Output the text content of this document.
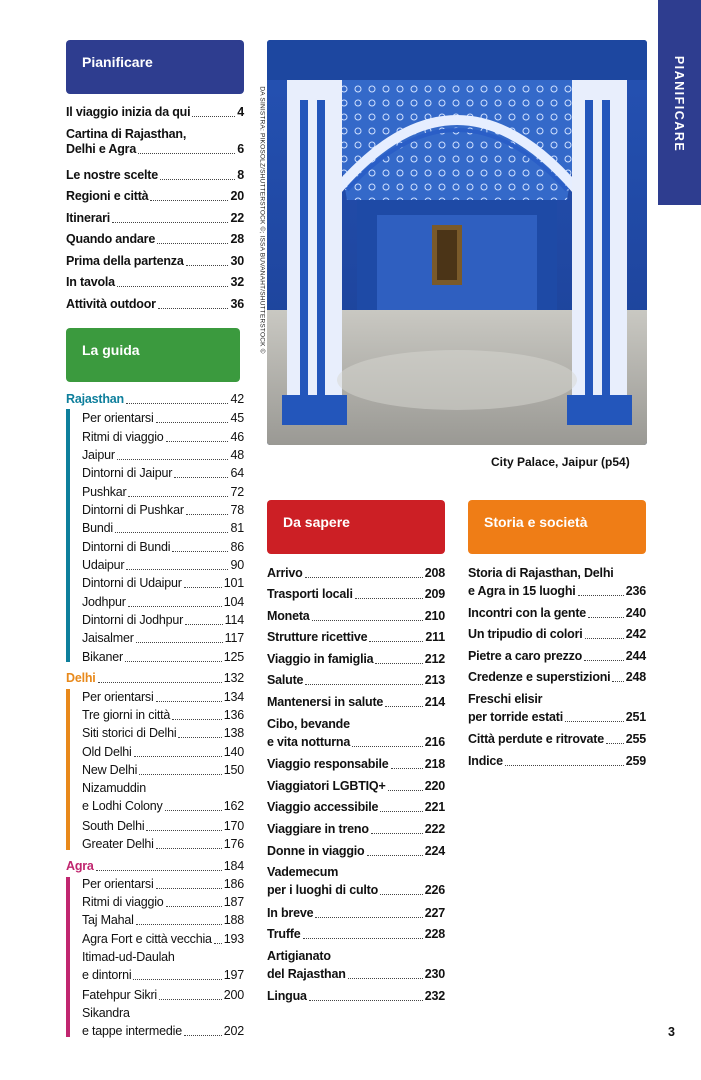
PIANIFICARE
Pianificare
La guida
Da sapere	Storia e società
DA SINISTRA: PIKOSOLZ/SHUTTERSTOCK ©; ISSA BUVANAHT/SHUTTERSTOCK ©
City Palace, Jaipur (p54)
3
Il viaggio inizia da qui	4
Cartina di Rajasthan,
Delhi e Agra	6
Le nostre scelte	8
Regioni e città	20
Itinerari	22
Quando andare	28
Prima della partenza	30
In tavola	32
Attività outdoor	36
Rajasthan	42
Per orientarsi	45
Ritmi di viaggio	46
Jaipur	48
Dintorni di Jaipur	64
Pushkar	72
Dintorni di Pushkar	78
Bundi	81
Dintorni di Bundi	86
Udaipur	90
Dintorni di Udaipur	101
Jodhpur	104
Dintorni di Jodhpur	114
Jaisalmer	117
Bikaner	125
Delhi	132
Per orientarsi	134
Tre giorni in città	136
Siti storici di Delhi	138
Old Delhi	140
New Delhi	150
Nizamuddin
e Lodhi Colony	162
South Delhi	170
Greater Delhi	176
Agra	184
Per orientarsi	186
Ritmi di viaggio	187
Taj Mahal	188
Agra Fort e città vecchia 193
Itimad-ud-Daulah
e dintorni	197
Fatehpur Sikri	200
Sikandra
e tappe intermedie	202
Arrivo	208
Trasporti locali	209
Moneta	210
Strutture ricettive	211
Viaggio in famiglia	212
Salute	213
Mantenersi in salute	214
Cibo, bevande
e vita notturna	216
Viaggio responsabile	218
Viaggiatori LGBTIQ+	220
Viaggio accessibile	221
Viaggiare in treno	222
Donne in viaggio	224
Vademecum
per i luoghi di culto	226
In breve	227
Truffe	228
Artigianato
del Rajasthan	230
Lingua	232
Storia di Rajasthan, Delhi
e Agra in 15 luoghi	236
Incontri con la gente	240
Un tripudio di colori	242
Pietre a caro prezzo	244
Credenze e superstizioni 248
Freschi elisir
per torride estati	251
Città perdute e ritrovate 255
Indice	259
